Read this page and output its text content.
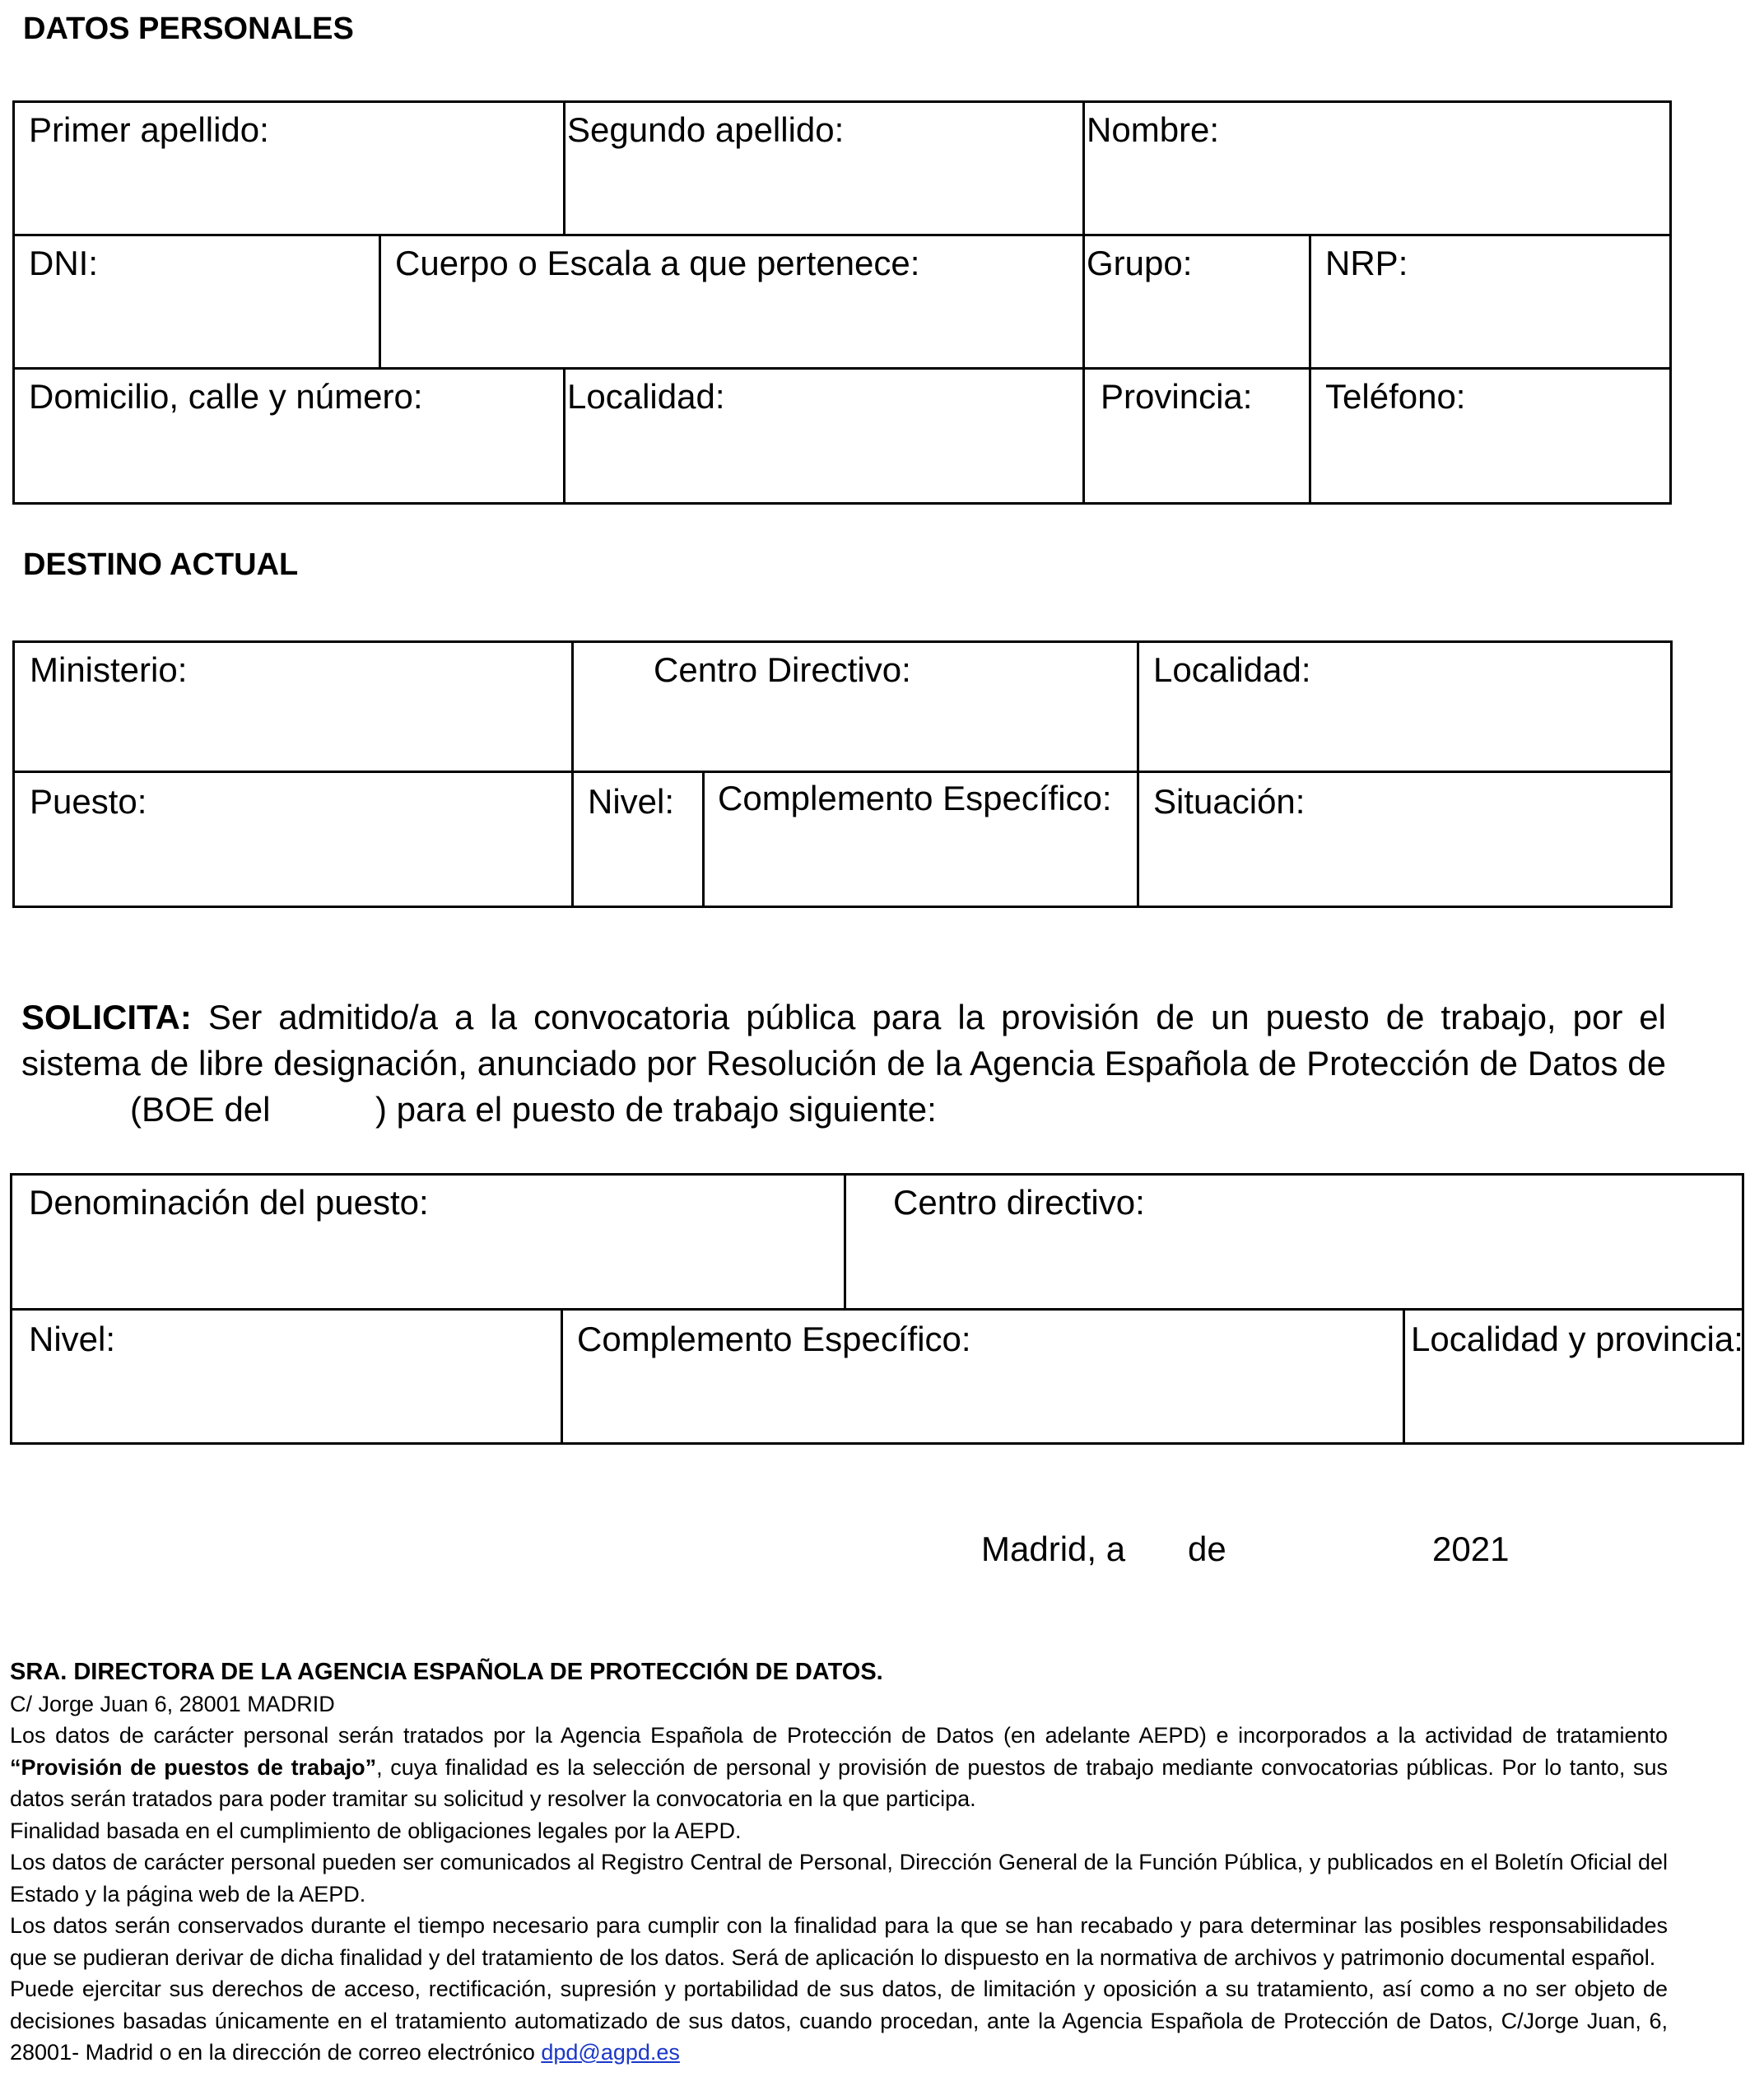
DATOS PERSONALES
Primer apellido:		Segundo apellido:	Nombre:	

DNI:	Cuerpo o Escala a que pertenece:		Grupo:	NRP:

Domicilio, calle y número:		Localidad:	Provincia:	Teléfono:
DESTINO ACTUAL
Ministerio:	Centro Directivo:		Localidad:

Puesto:	Nivel:	Complemento Específico:	Situación:
SOLICITA: Ser admitido/a a la convocatoria pública para la provisión de un puesto de trabajo, por el sistema de libre designación, anunciado por Resolución de la Agencia Española de Protección de Datos de
(BOE del	) para el puesto de trabajo siguiente:
Denominación del puesto:		Centro directivo:	

Nivel:	Complemento Específico:		Localidad y provincia:
Madrid, a de	2021

SRA. DIRECTORA DE LA AGENCIA ESPAÑOLA DE PROTECCIÓN DE DATOS.

C/ Jorge Juan 6, 28001 MADRID

Los datos de carácter personal serán tratados por la Agencia Española de Protección de Datos (en adelante AEPD) e incorporados a la actividad de tratamiento “Provisión de puestos de trabajo”, cuya finalidad es la selección de personal y provisión de puestos de trabajo mediante convocatorias públicas. Por lo tanto, sus datos serán tratados para poder tramitar su solicitud y resolver la convocatoria en la que participa.

Finalidad basada en el cumplimiento de obligaciones legales por la AEPD.

Los datos de carácter personal pueden ser comunicados al Registro Central de Personal, Dirección General de la Función Pública, y publicados en el Boletín Oficial del Estado y la página web de la AEPD.

Los datos serán conservados durante el tiempo necesario para cumplir con la finalidad para la que se han recabado y para determinar las posibles responsabilidades que se pudieran derivar de dicha finalidad y del tratamiento de los datos. Será de aplicación lo dispuesto en la normativa de archivos y patrimonio documental español.

Puede ejercitar sus derechos de acceso, rectificación, supresión y portabilidad de sus datos, de limitación y oposición a su tratamiento, así como a no ser objeto de decisiones basadas únicamente en el tratamiento automatizado de sus datos, cuando procedan, ante la Agencia Española de Protección de Datos, C/Jorge Juan, 6, 28001- Madrid o en la dirección de correo electrónico dpd@agpd.es
